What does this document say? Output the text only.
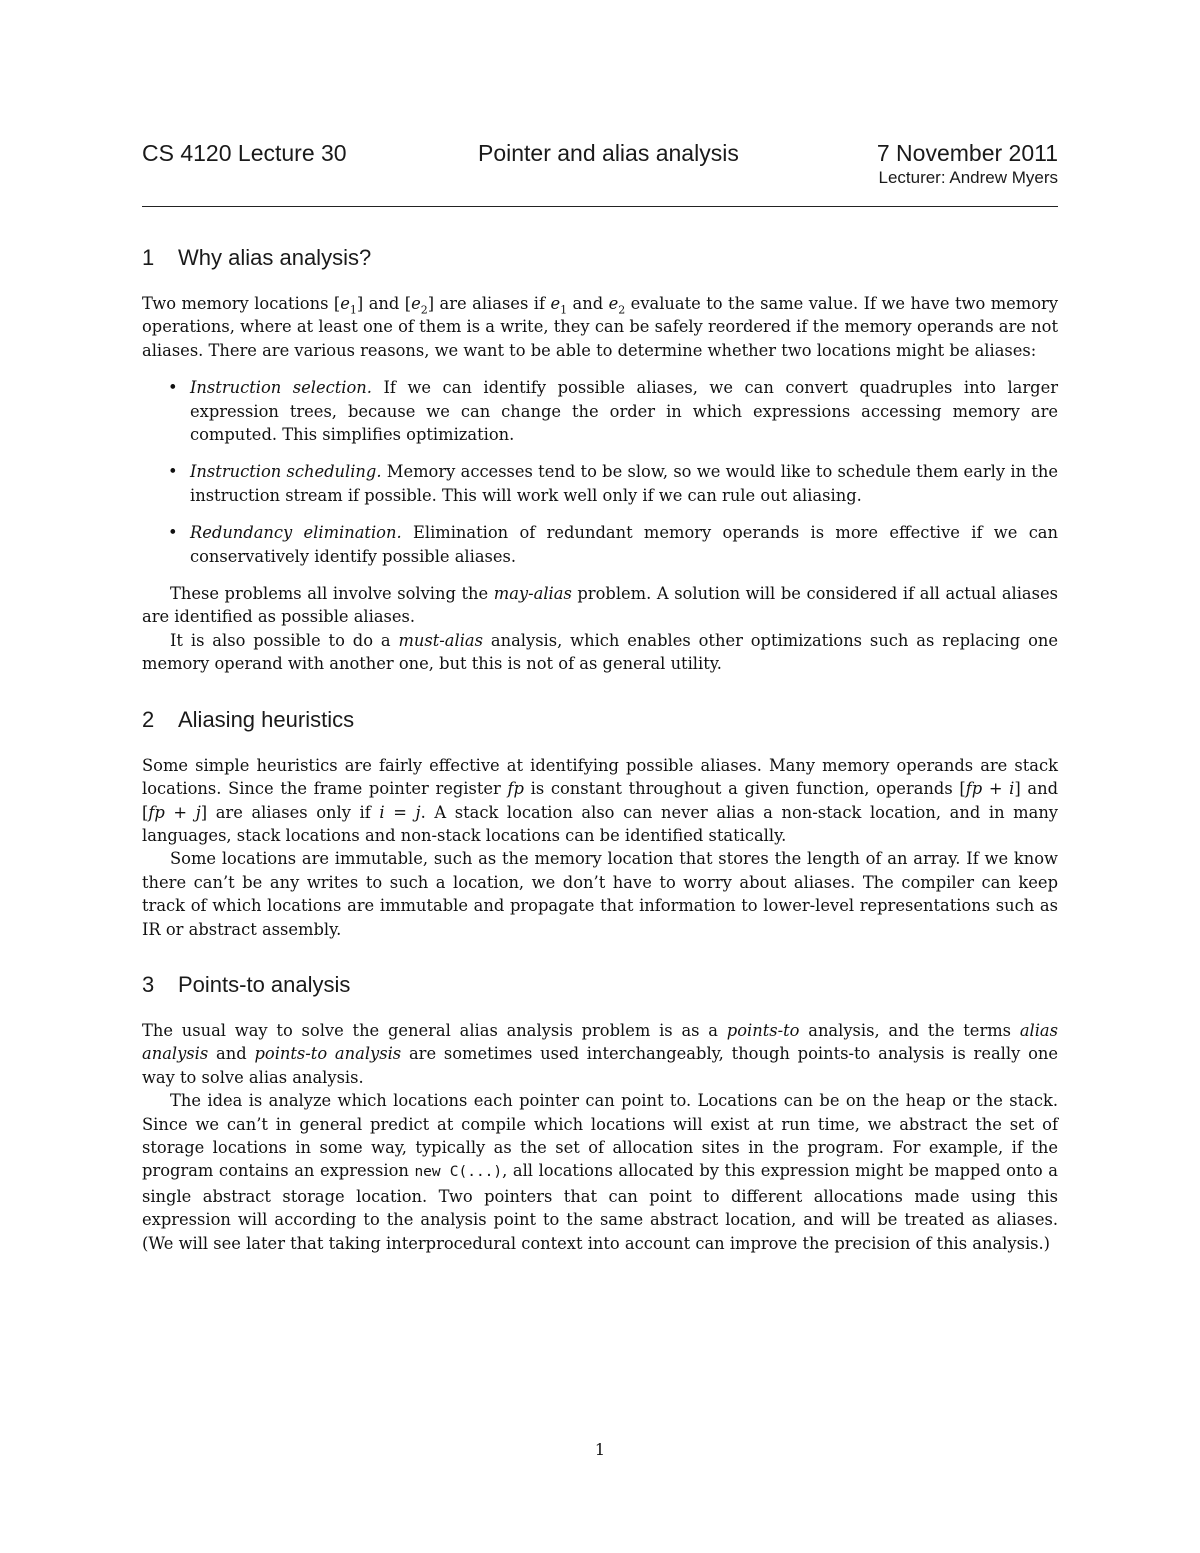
CS 4120 Lecture 30	Pointer and alias analysis	7 November 2011
Lecturer: Andrew Myers
1 Why alias analysis?

Two memory locations $[e_1]$ and $[e_2]$ are aliases if $e_1$ and $e_2$ evaluate to the same value. If we have two memory operations, where at least one of them is a write, they can be safely reordered if the memory operands are not aliases. There are various reasons, we want to be able to determine whether two locations might be aliases:

• Instruction selection. If we can identify possible aliases, we can convert quadruples into larger expression trees, because we can change the order in which expressions accessing memory are computed. This simplifies optimization.
• Instruction scheduling. Memory accesses tend to be slow, so we would like to schedule them early in the instruction stream if possible. This will work well only if we can rule out aliasing.
• Redundancy elimination. Elimination of redundant memory operands is more effective if we can conservatively identify possible aliases.

These problems all involve solving the may-alias problem. A solution will be considered if all actual aliases are identified as possible aliases.

It is also possible to do a must-alias analysis, which enables other optimizations such as replacing one memory operand with another one, but this is not of as general utility.

2 Aliasing heuristics

Some simple heuristics are fairly effective at identifying possible aliases. Many memory operands are stack locations. Since the frame pointer register fp is constant throughout a given function, operands [fp + i] and [fp + j] are aliases only if i = j. A stack location also can never alias a non-stack location, and in many languages, stack locations and non-stack locations can be identified statically.

Some locations are immutable, such as the memory location that stores the length of an array. If we know there can’t be any writes to such a location, we don’t have to worry about aliases. The compiler can keep track of which locations are immutable and propagate that information to lower-level representations such as IR or abstract assembly.

3 Points-to analysis

The usual way to solve the general alias analysis problem is as a points-to analysis, and the terms alias analysis and points-to analysis are sometimes used interchangeably, though points-to analysis is really one way to solve alias analysis.

The idea is analyze which locations each pointer can point to. Locations can be on the heap or the stack. Since we can’t in general predict at compile which locations will exist at run time, we abstract the set of storage locations in some way, typically as the set of allocation sites in the program. For example, if the program contains an expression new C(...), all locations allocated by this expression might be mapped onto a single abstract storage location. Two pointers that can point to different allocations made using this expression will according to the analysis point to the same abstract location, and will be treated as aliases. (We will see later that taking interprocedural context into account can improve the precision of this analysis.)

1
